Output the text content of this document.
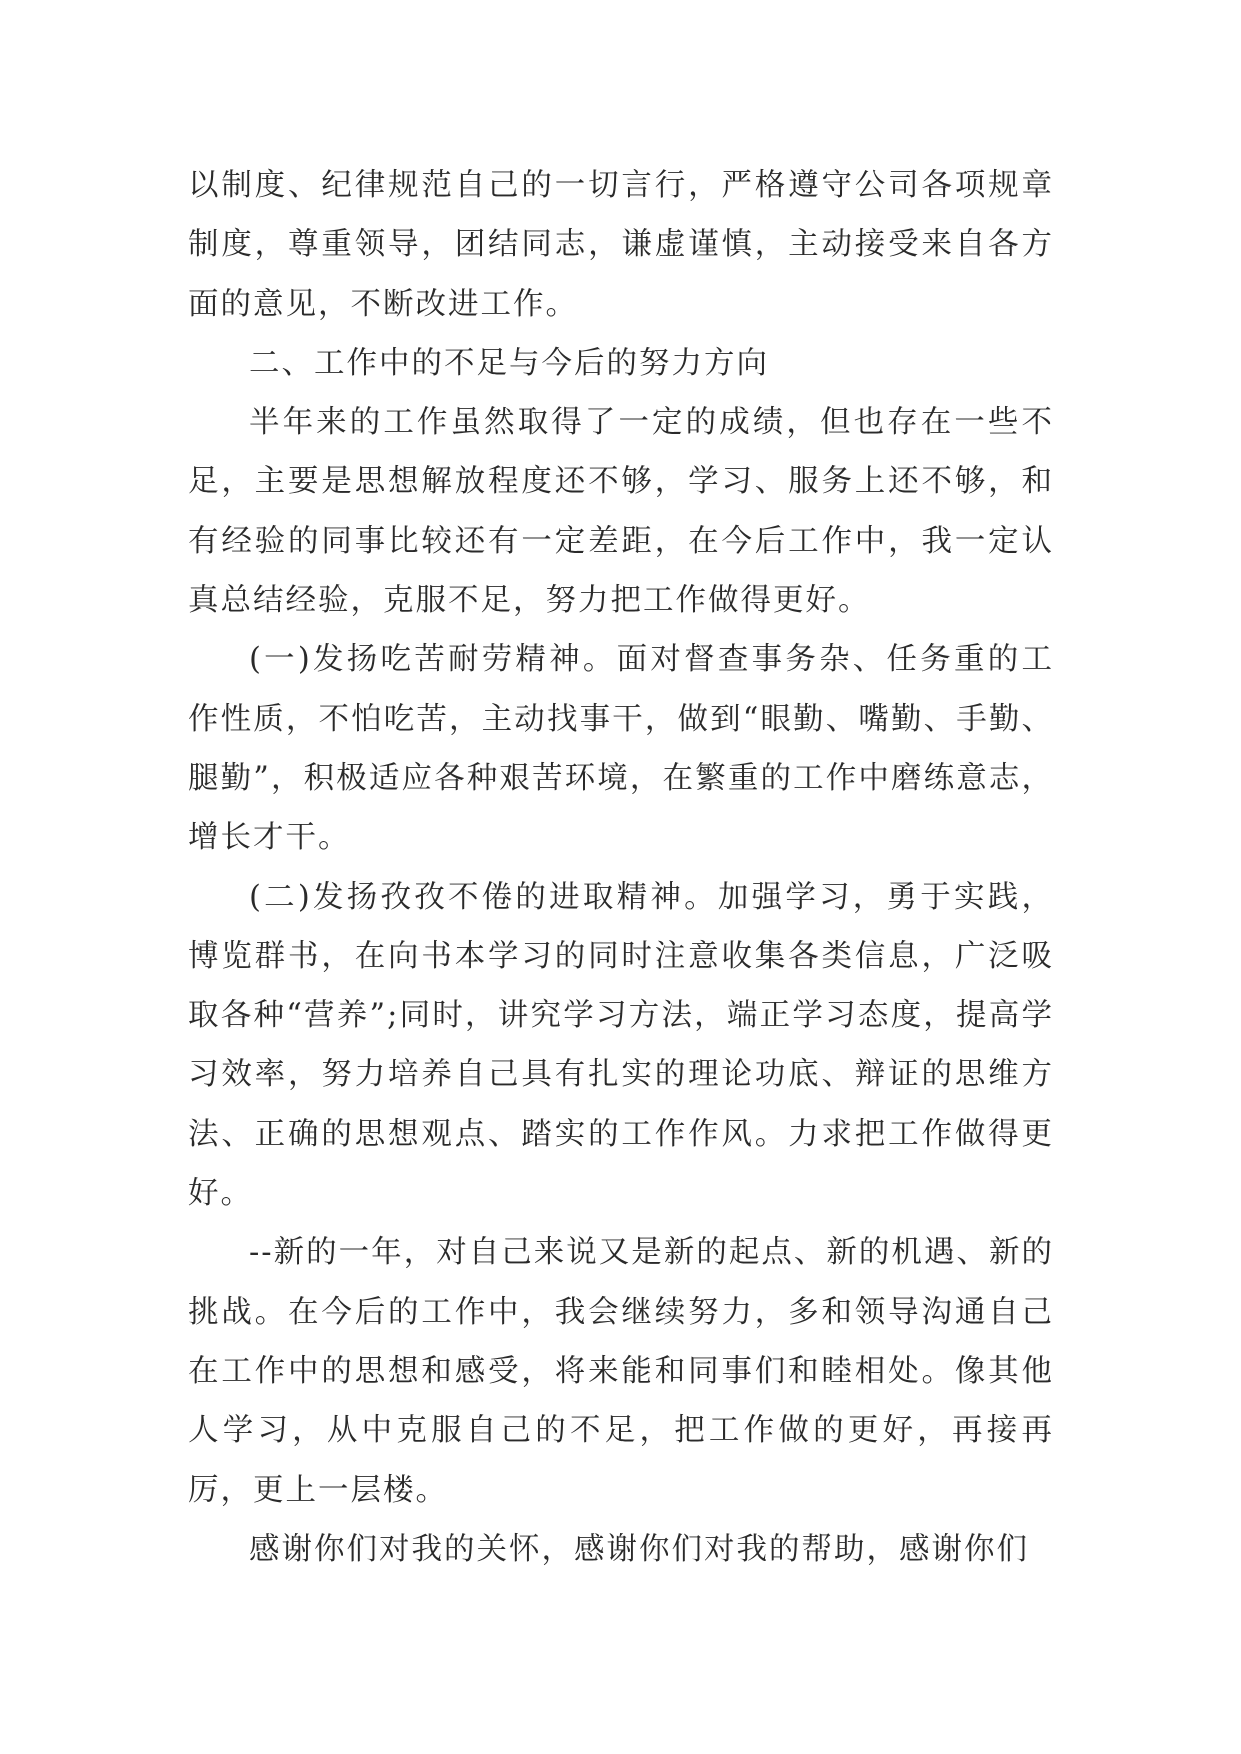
以制度、纪律规范自己的一切言行，严格遵守公司各项规章制度，尊重领导，团结同志，谦虚谨慎，主动接受来自各方面的意见，不断改进工作。

二、工作中的不足与今后的努力方向

半年来的工作虽然取得了一定的成绩，但也存在一些不足，主要是思想解放程度还不够，学习、服务上还不够，和有经验的同事比较还有一定差距，在今后工作中，我一定认真总结经验，克服不足，努力把工作做得更好。

(一)发扬吃苦耐劳精神。面对督查事务杂、任务重的工作性质，不怕吃苦，主动找事干，做到“眼勤、嘴勤、手勤、腿勤”，积极适应各种艰苦环境，在繁重的工作中磨练意志，增长才干。

(二)发扬孜孜不倦的进取精神。加强学习，勇于实践，博览群书，在向书本学习的同时注意收集各类信息，广泛吸取各种“营养”;同时，讲究学习方法，端正学习态度，提高学习效率，努力培养自己具有扎实的理论功底、辩证的思维方法、正确的思想观点、踏实的工作作风。力求把工作做得更好。

--新的一年，对自己来说又是新的起点、新的机遇、新的挑战。在今后的工作中，我会继续努力，多和领导沟通自己在工作中的思想和感受，将来能和同事们和睦相处。像其他人学习，从中克服自己的不足，把工作做的更好，再接再厉，更上一层楼。

感谢你们对我的关怀，感谢你们对我的帮助，感谢你们
